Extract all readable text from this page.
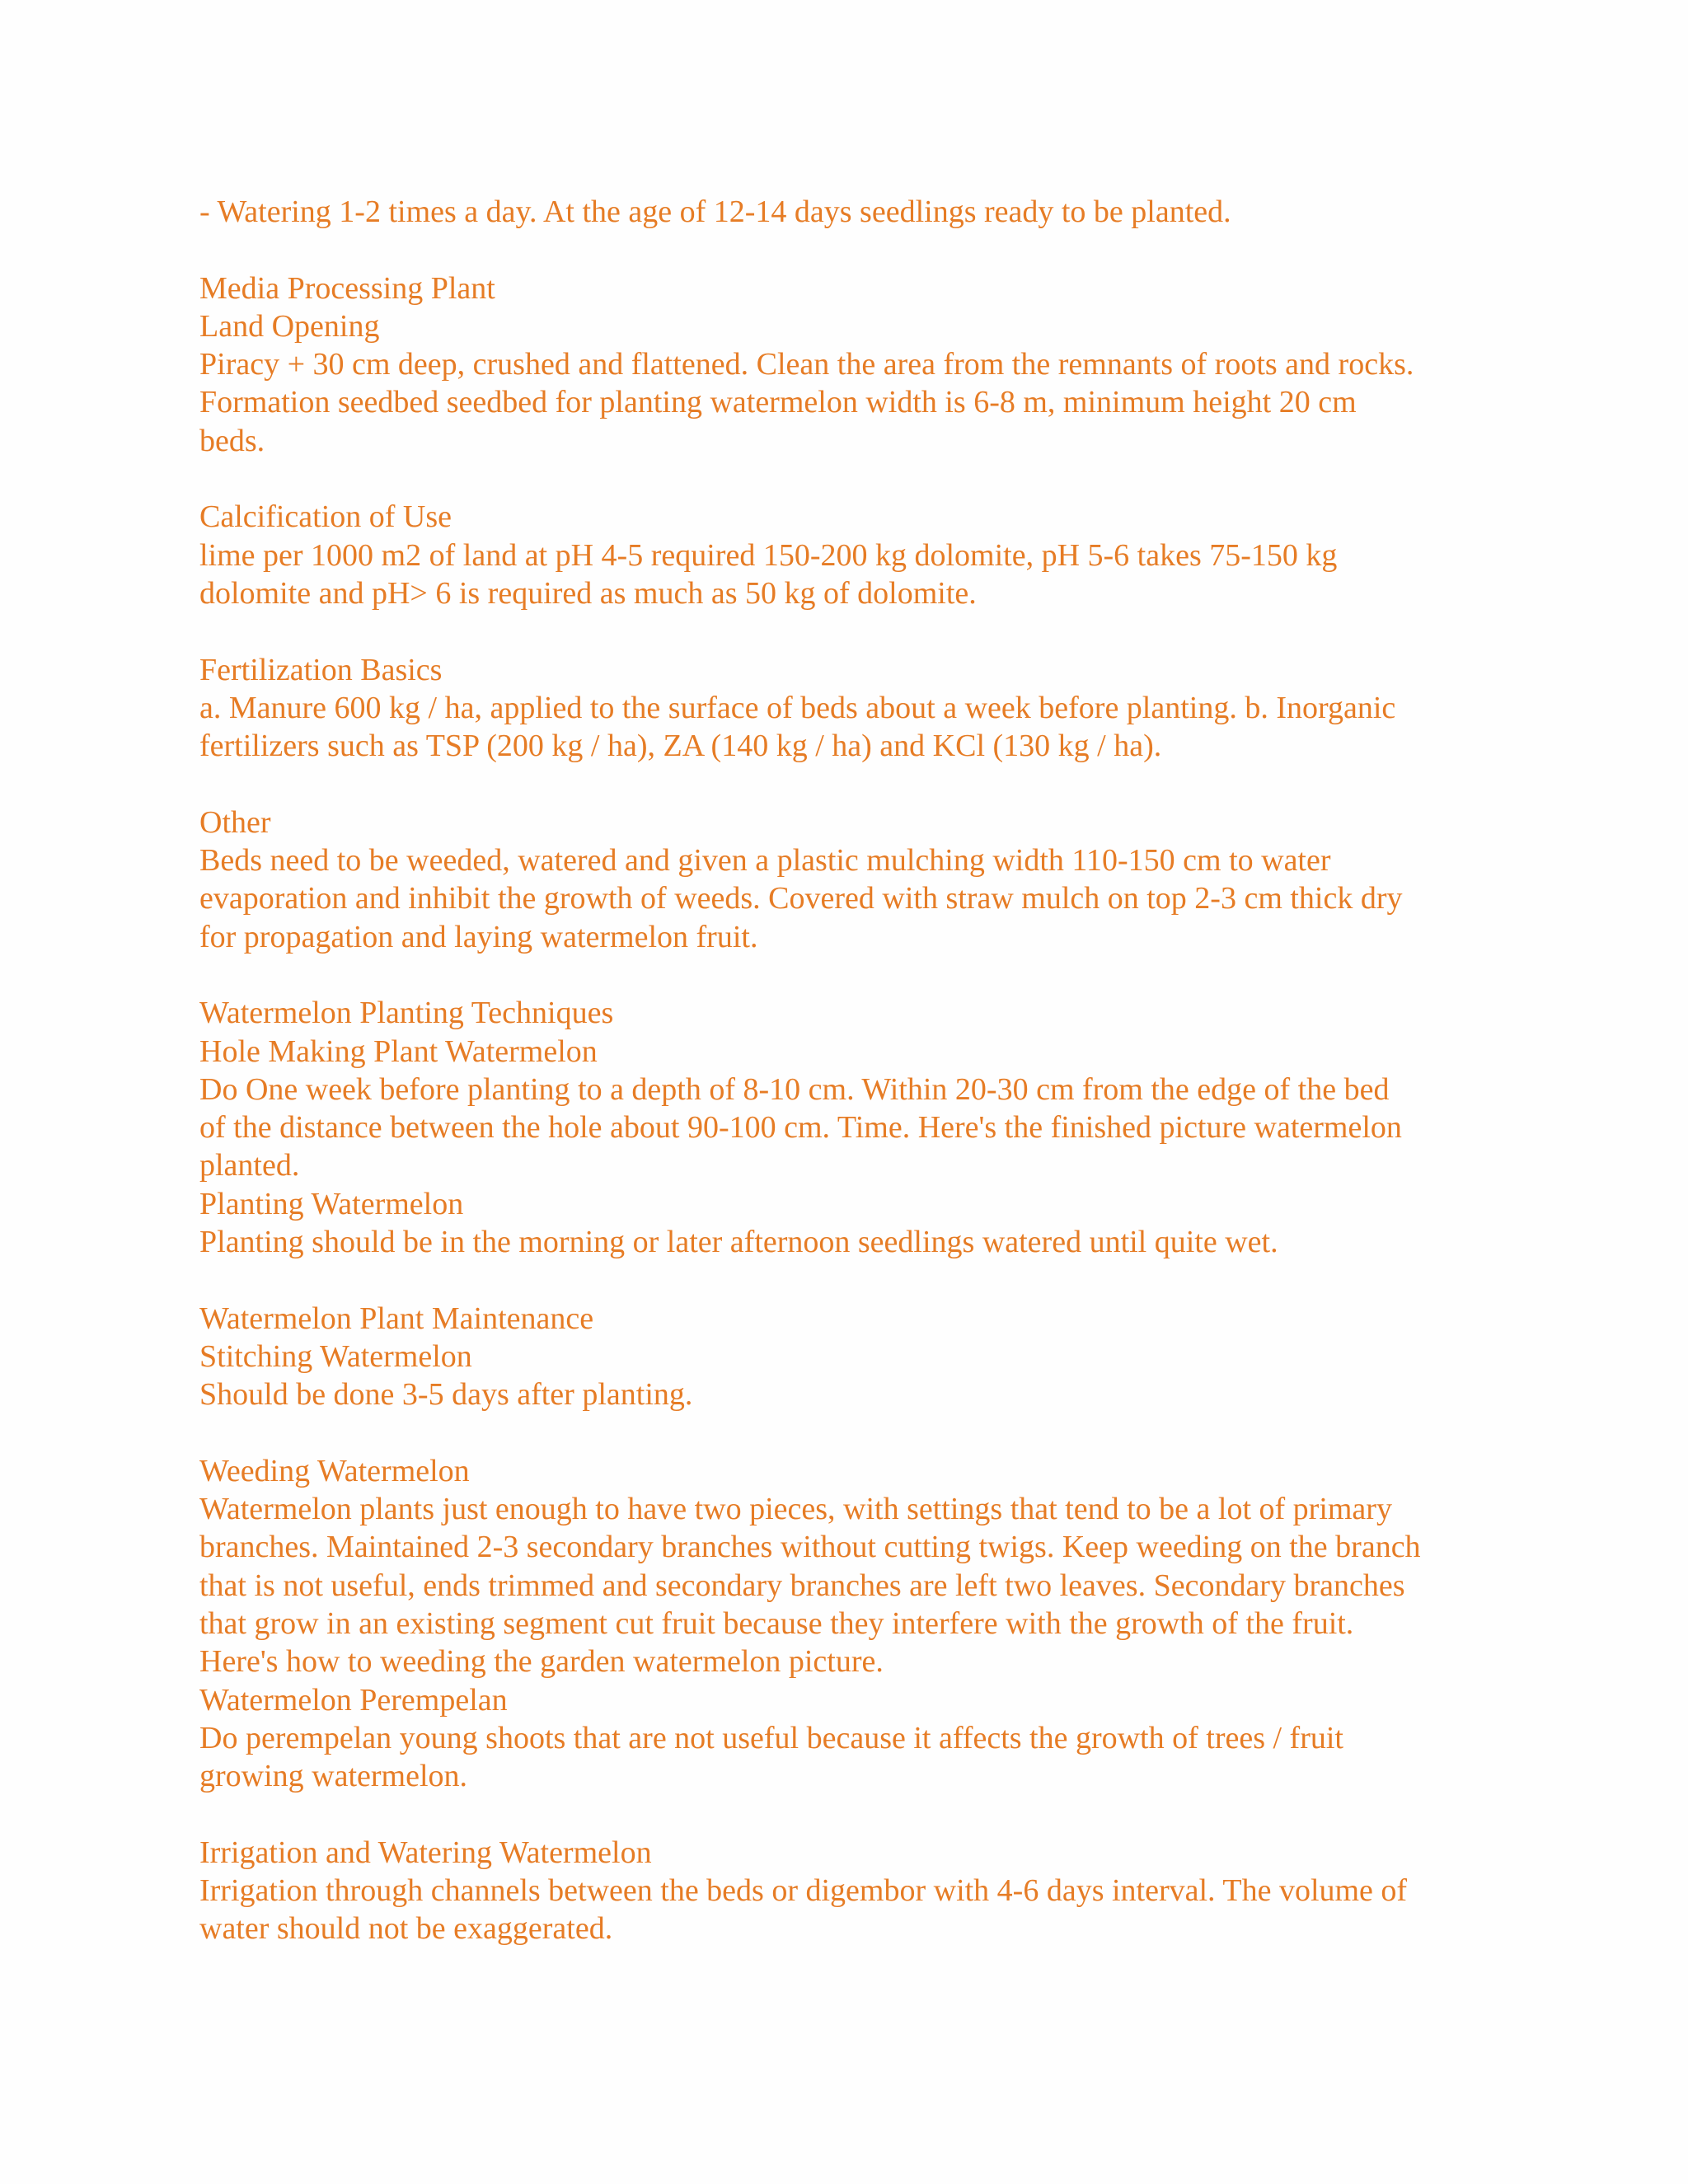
- Watering 1-2 times a day. At the age of 12-14 days seedlings ready to be planted.
Media Processing Plant
Land Opening
Piracy + 30 cm deep, crushed and flattened. Clean the area from the remnants of roots and rocks.
Formation seedbed seedbed for planting watermelon width is 6-8 m, minimum height 20 cm
beds.
Calcification of Use
lime per 1000 m2 of land at pH 4-5 required 150-200 kg dolomite, pH 5-6 takes 75-150 kg
dolomite and pH> 6 is required as much as 50 kg of dolomite.
Fertilization Basics
a. Manure 600 kg / ha, applied to the surface of beds about a week before planting. b. Inorganic
fertilizers such as TSP (200 kg / ha), ZA (140 kg / ha) and KCl (130 kg / ha).
Other
Beds need to be weeded, watered and given a plastic mulching width 110-150 cm to water
evaporation and inhibit the growth of weeds. Covered with straw mulch on top 2-3 cm thick dry
for propagation and laying watermelon fruit.
Watermelon Planting Techniques
Hole Making Plant Watermelon
Do One week before planting to a depth of 8-10 cm. Within 20-30 cm from the edge of the bed
of the distance between the hole about 90-100 cm. Time. Here's the finished picture watermelon
planted.
Planting Watermelon
Planting should be in the morning or later afternoon seedlings watered until quite wet.
Watermelon Plant Maintenance
Stitching Watermelon
Should be done 3-5 days after planting.
Weeding Watermelon
Watermelon plants just enough to have two pieces, with settings that tend to be a lot of primary
branches. Maintained 2-3 secondary branches without cutting twigs. Keep weeding on the branch
that is not useful, ends trimmed and secondary branches are left two leaves. Secondary branches
that grow in an existing segment cut fruit because they interfere with the growth of the fruit.
Here's how to weeding the garden watermelon picture.
Watermelon Perempelan
Do perempelan young shoots that are not useful because it affects the growth of trees / fruit
growing watermelon.
Irrigation and Watering Watermelon
Irrigation through channels between the beds or digembor with 4-6 days interval. The volume of
water should not be exaggerated.
